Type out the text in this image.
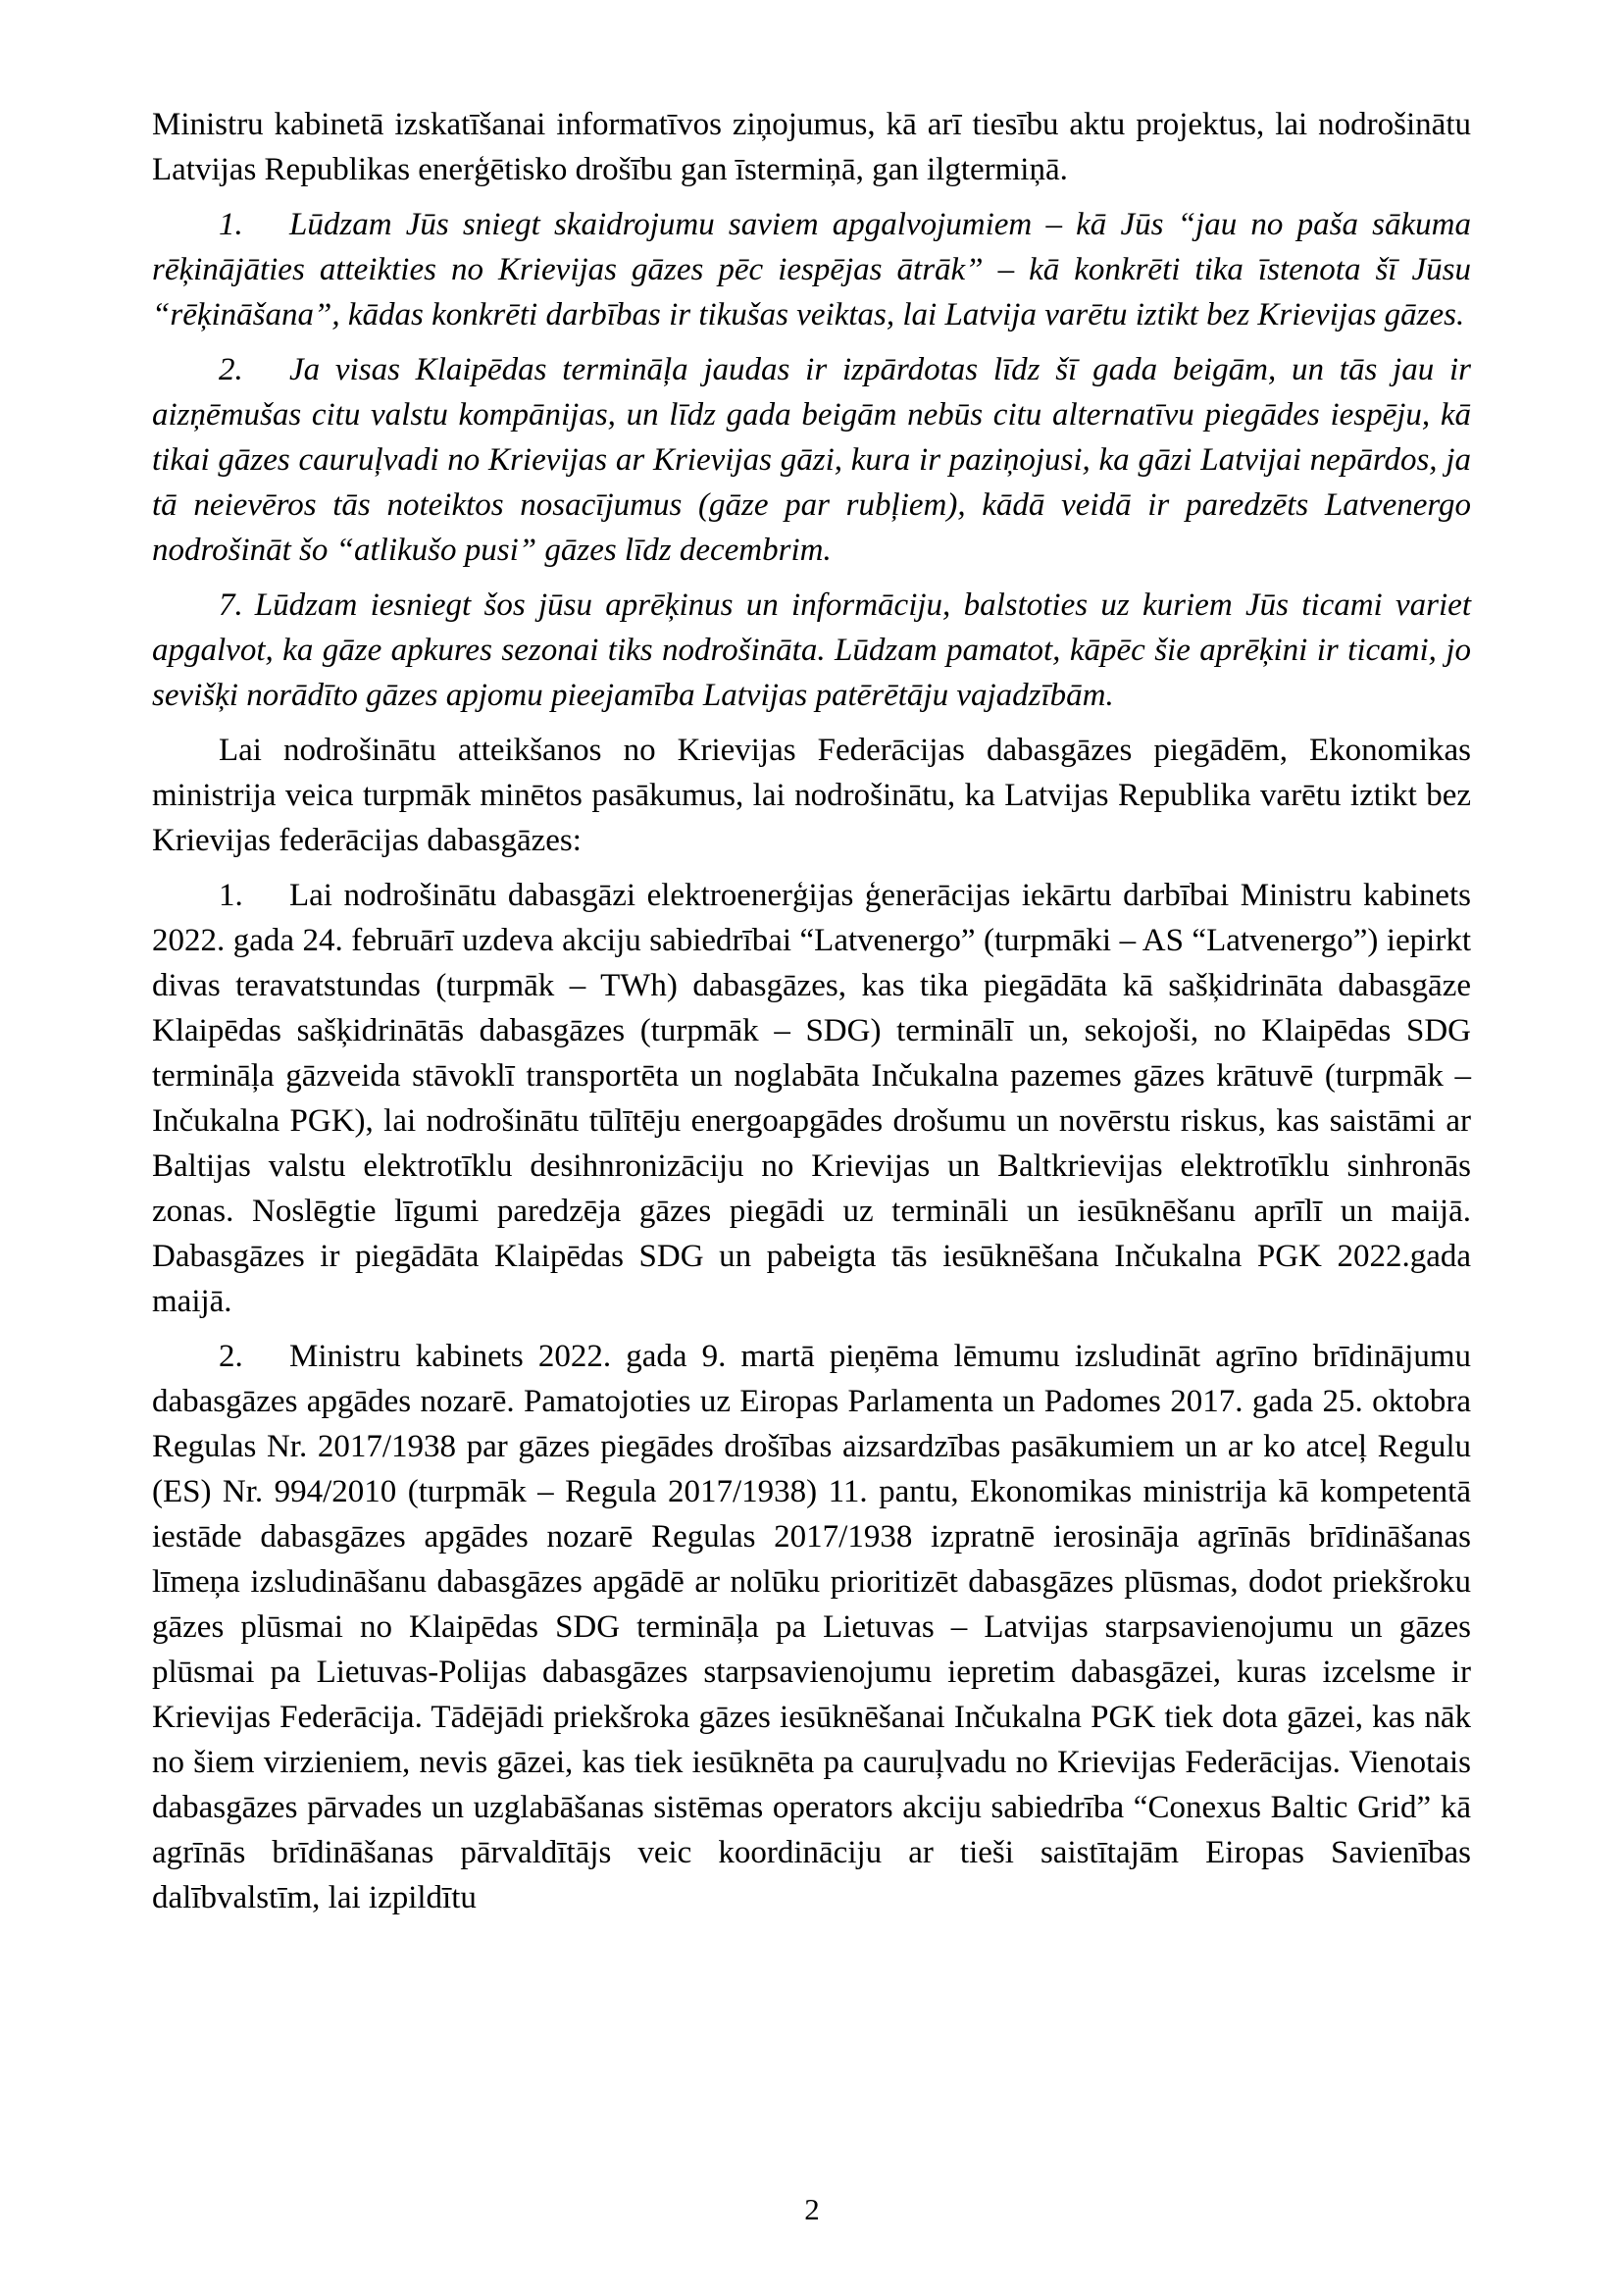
Ministru kabinetā izskatīšanai informatīvos ziņojumus, kā arī tiesību aktu projektus, lai nodrošinātu Latvijas Republikas enerģētisko drošību gan īstermiņā, gan ilgtermiņā.
1. Lūdzam Jūs sniegt skaidrojumu saviem apgalvojumiem – kā Jūs “jau no paša sākuma rēķinājāties atteikties no Krievijas gāzes pēc iespējas ātrāk” – kā konkrēti tika īstenota šī Jūsu “rēķināšana”, kādas konkrēti darbības ir tikušas veiktas, lai Latvija varētu iztikt bez Krievijas gāzes.
2. Ja visas Klaipēdas termināļa jaudas ir izpārdotas līdz šī gada beigām, un tās jau ir aizņēmušas citu valstu kompānijas, un līdz gada beigām nebūs citu alternatīvu piegādes iespēju, kā tikai gāzes cauruļvadi no Krievijas ar Krievijas gāzi, kura ir paziņojusi, ka gāzi Latvijai nepārdos, ja tā neievēros tās noteiktos nosacījumus (gāze par rubļiem), kādā veidā ir paredzēts Latvenergo nodrošināt šo “atlikušo pusi” gāzes līdz decembrim.
7. Lūdzam iesniegt šos jūsu aprēķinus un informāciju, balstoties uz kuriem Jūs ticami variet apgalvot, ka gāze apkures sezonai tiks nodrošināta. Lūdzam pamatot, kāpēc šie aprēķini ir ticami, jo sevišķi norādīto gāzes apjomu pieejamība Latvijas patērētāju vajadzībām.
Lai nodrošinātu atteikšanos no Krievijas Federācijas dabasgāzes piegādēm, Ekonomikas ministrija veica turpmāk minētos pasākumus, lai nodrošinātu, ka Latvijas Republika varētu iztikt bez Krievijas federācijas dabasgāzes:
1. Lai nodrošinātu dabasgāzi elektroenerģijas ģenerācijas iekārtu darbībai Ministru kabinets 2022. gada 24. februārī uzdeva akciju sabiedrībai “Latvenergo” (turpmāki – AS “Latvenergo”) iepirkt divas teravatstundas (turpmāk – TWh) dabasgāzes, kas tika piegādāta kā sašķidrināta dabasgāze Klaipēdas sašķidrinātās dabasgāzes (turpmāk – SDG) terminālī un, sekojoši, no Klaipēdas SDG termināļa gāzveida stāvoklī transportēta un noglabāta Inčukalna pazemes gāzes krātuvē (turpmāk – Inčukalna PGK), lai nodrošinātu tūlītēju energoapgādes drošumu un novērstu riskus, kas saistāmi ar Baltijas valstu elektrotīklu desihnronizāciju no Krievijas un Baltkrievijas elektrotīklu sinhronās zonas. Noslēgtie līgumi paredzēja gāzes piegādi uz termināli un iesūknēšanu aprīlī un maijā. Dabasgāzes ir piegādāta Klaipēdas SDG un pabeigta tās iesūknēšana Inčukalna PGK 2022.gada maijā.
2. Ministru kabinets 2022. gada 9. martā pieņēma lēmumu izsludināt agrīno brīdinājumu dabasgāzes apgādes nozarē. Pamatojoties uz Eiropas Parlamenta un Padomes 2017. gada 25. oktobra Regulas Nr. 2017/1938 par gāzes piegādes drošības aizsardzības pasākumiem un ar ko atceļ Regulu (ES) Nr. 994/2010 (turpmāk – Regula 2017/1938) 11. pantu, Ekonomikas ministrija kā kompetentā iestāde dabasgāzes apgādes nozarē Regulas 2017/1938 izpratnē ierosināja agrīnās brīdināšanas līmeņa izsludināšanu dabasgāzes apgādē ar nolūku prioritizēt dabasgāzes plūsmas, dodot priekšroku gāzes plūsmai no Klaipēdas SDG termināļa pa Lietuvas – Latvijas starpsavienojumu un gāzes plūsmai pa Lietuvas-Polijas dabasgāzes starpsavienojumu iepretim dabasgāzei, kuras izcelsme ir Krievijas Federācija. Tādējādi priekšroka gāzes iesūknēšanai Inčukalna PGK tiek dota gāzei, kas nāk no šiem virzieniem, nevis gāzei, kas tiek iesūknēta pa cauruļvadu no Krievijas Federācijas. Vienotais dabasgāzes pārvades un uzglabāšanas sistēmas operators akciju sabiedrība “Conexus Baltic Grid” kā agrīnās brīdināšanas pārvaldītājs veic koordināciju ar tieši saistītajām Eiropas Savienības dalībvalstīm, lai izpildītu
2
